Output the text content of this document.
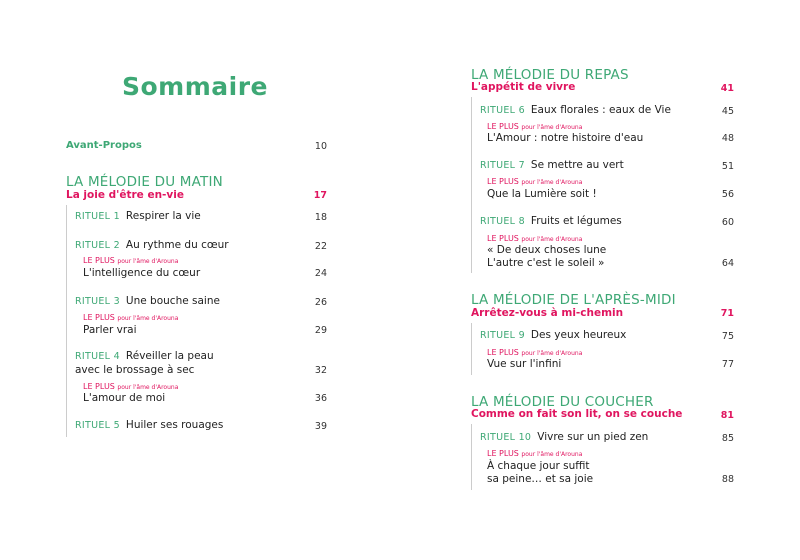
Sommaire
Avant-Propos	10
LA MÉLODIE DU MATIN
La joie d'être en-vie	17
RITUEL 1 Respirer la vie	18
RITUEL 2 Au rythme du cœur	22
LE PLUS pour l'âme d'Arouna
L'intelligence du cœur	24
RITUEL 3 Une bouche saine	26
LE PLUS pour l'âme d'Arouna
Parler vrai	29
RITUEL 4 Réveiller la peau
avec le brossage à sec	32
LE PLUS pour l'âme d'Arouna
L'amour de moi	36
RITUEL 5 Huiler ses rouages	39
LA MÉLODIE DU REPAS
L'appétit de vivre	41
RITUEL 6 Eaux florales : eaux de Vie	45
LE PLUS pour l'âme d'Arouna
L'Amour : notre histoire d'eau	48
RITUEL 7 Se mettre au vert	51
LE PLUS pour l'âme d'Arouna
Que la Lumière soit !	56
RITUEL 8 Fruits et légumes	60
LE PLUS pour l'âme d'Arouna
« De deux choses lune
L'autre c'est le soleil »	64
LA MÉLODIE DE L'APRÈS-MIDI
Arrêtez-vous à mi-chemin	71
RITUEL 9 Des yeux heureux	75
LE PLUS pour l'âme d'Arouna
Vue sur l'infini	77
LA MÉLODIE DU COUCHER
Comme on fait son lit, on se couche	81
RITUEL 10 Vivre sur un pied zen	85
LE PLUS pour l'âme d'Arouna
À chaque jour suffit
sa peine… et sa joie	88
